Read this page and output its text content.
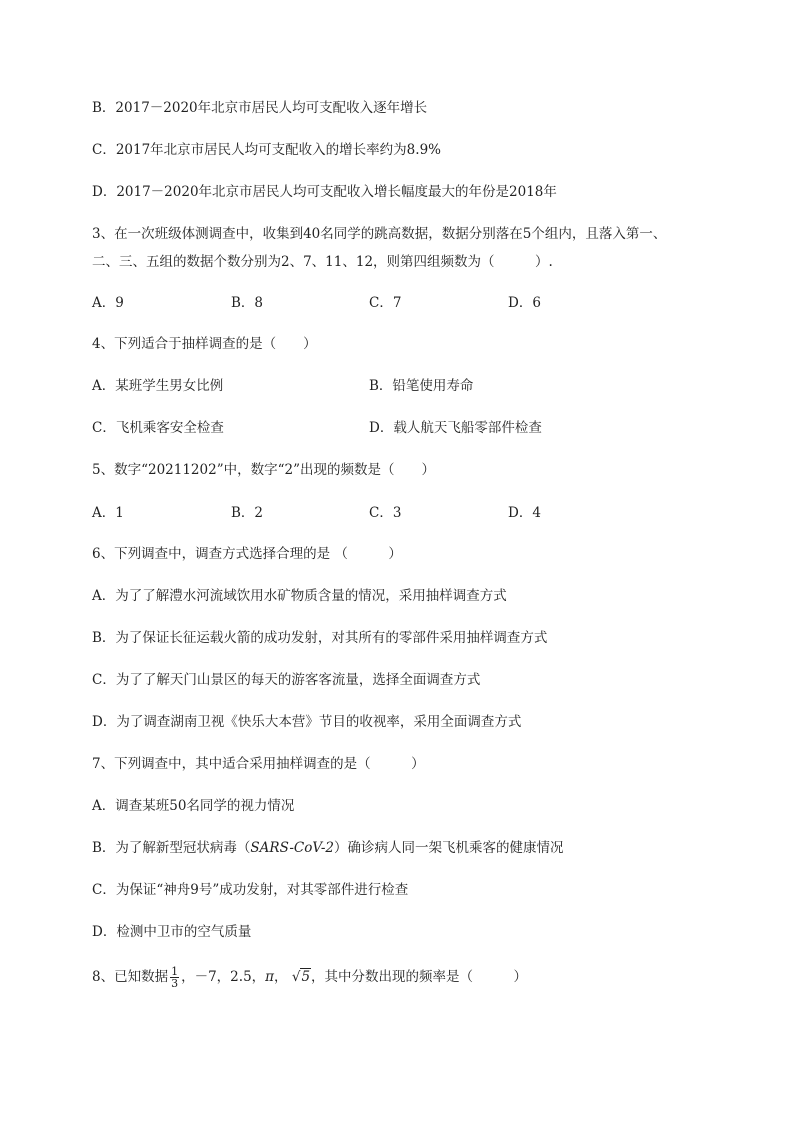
B．2017－2020年北京市居民人均可支配收入逐年增长
C．2017年北京市居民人均可支配收入的增长率约为8.9%
D．2017－2020年北京市居民人均可支配收入增长幅度最大的年份是2018年
3、在一次班级体测调查中，收集到40名同学的跳高数据，数据分别落在5个组内，且落入第一、
二、三、五组的数据个数分别为2、7、11、12，则第四组频数为（　　　）.
A．9	B．8	C．7	D．6
4、下列适合于抽样调查的是（　　）
A．某班学生男女比例	B．铅笔使用寿命
C．飞机乘客安全检查	D．载人航天飞船零部件检查
5、数字“20211202”中，数字“2”出现的频数是（　　）
A．1	B．2	C．3	D．4
6、下列调查中，调查方式选择合理的是 （　　　）
A．为了了解澧水河流域饮用水矿物质含量的情况，采用抽样调查方式
B．为了保证长征运载火箭的成功发射，对其所有的零部件采用抽样调查方式
C．为了了解天门山景区的每天的游客客流量，选择全面调查方式
D．为了调查湖南卫视《快乐大本营》节目的收视率，采用全面调查方式
7、下列调查中，其中适合采用抽样调查的是（　　　）
A．调查某班50名同学的视力情况
B．为了解新型冠状病毒（SARS-CoV-2）确诊病人同一架飞机乘客的健康情况
C．为保证“神舟9号”成功发射，对其零部件进行检查
D．检测中卫市的空气质量
8、已知数据 $\frac{1}{3}$ ，－7，2.5，π， √5，其中分数出现的频率是（　　　）
